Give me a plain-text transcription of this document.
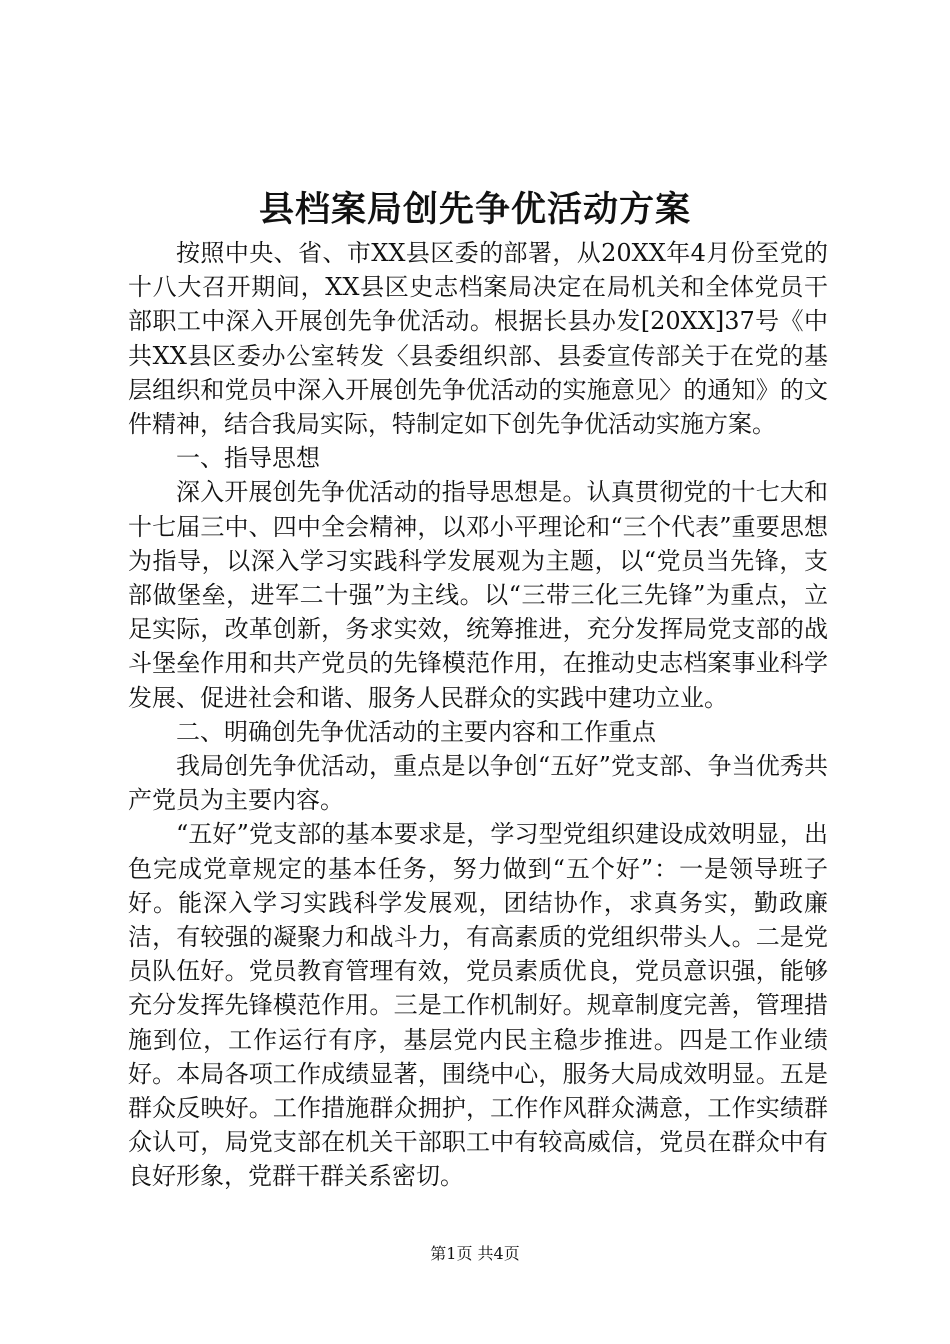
县档案局创先争优活动方案

按照中央、省、市XX县区委的部署，从20XX年4月份至党的十八大召开期间，XX县区史志档案局决定在局机关和全体党员干部职工中深入开展创先争优活动。根据长县办发[20XX]37号《中共XX县区委办公室转发〈县委组织部、县委宣传部关于在党的基层组织和党员中深入开展创先争优活动的实施意见〉的通知》的文件精神，结合我局实际，特制定如下创先争优活动实施方案。

一、指导思想

深入开展创先争优活动的指导思想是。认真贯彻党的十七大和十七届三中、四中全会精神，以邓小平理论和“三个代表”重要思想为指导，以深入学习实践科学发展观为主题，以“党员当先锋，支部做堡垒，进军二十强”为主线。以“三带三化三先锋”为重点，立足实际，改革创新，务求实效，统筹推进，充分发挥局党支部的战斗堡垒作用和共产党员的先锋模范作用，在推动史志档案事业科学发展、促进社会和谐、服务人民群众的实践中建功立业。

二、明确创先争优活动的主要内容和工作重点

我局创先争优活动，重点是以争创“五好”党支部、争当优秀共产党员为主要内容。

“五好”党支部的基本要求是，学习型党组织建设成效明显，出色完成党章规定的基本任务，努力做到“五个好”：一是领导班子好。能深入学习实践科学发展观，团结协作，求真务实，勤政廉洁，有较强的凝聚力和战斗力，有高素质的党组织带头人。二是党员队伍好。党员教育管理有效，党员素质优良，党员意识强，能够充分发挥先锋模范作用。三是工作机制好。规章制度完善，管理措施到位，工作运行有序，基层党内民主稳步推进。四是工作业绩好。本局各项工作成绩显著，围绕中心，服务大局成效明显。五是群众反映好。工作措施群众拥护，工作作风群众满意，工作实绩群众认可，局党支部在机关干部职工中有较高威信，党员在群众中有良好形象，党群干群关系密切。

第1页 共4页
